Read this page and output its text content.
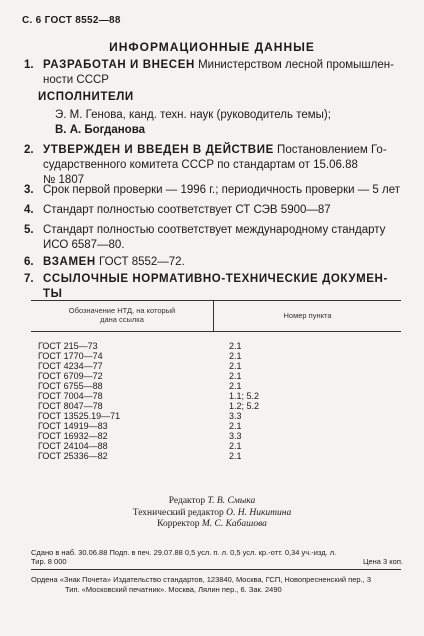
С. 6 ГОСТ 8552—88
ИНФОРМАЦИОННЫЕ ДАННЫЕ
1. РАЗРАБОТАН И ВНЕСЕН Министерством лесной промышлен-
ности СССР
ИСПОЛНИТЕЛИ
Э. М. Генова, канд. техн. наук (руководитель темы);
В. А. Богданова
2. УТВЕРЖДЕН И ВВЕДЕН В ДЕЙСТВИЕ Постановлением Го-
сударственного комитета СССР по стандартам от 15.06.88
№ 1807
3. Срок первой проверки — 1996 г.; периодичность проверки — 5 лет
4. Стандарт полностью соответствует СТ СЭВ 5900—87
5. Стандарт полностью соответствует международному стандарту
ИСО 6587—80.
6. ВЗАМЕН ГОСТ 8552—72.
7. ССЫЛОЧНЫЕ НОРМАТИВНО-ТЕХНИЧЕСКИЕ ДОКУМЕН-
ТЫ
Обозначение НТД, на который
дана ссылка	Номер пункта
ГОСТ 215—73	2.1
ГОСТ 1770—74	2.1
ГОСТ 4234—77	2.1
ГОСТ 6709—72	2.1
ГОСТ 6755—88	2.1
ГОСТ 7004—78	1.1; 5.2
ГОСТ 8047—78	1.2; 5.2
ГОСТ 13525.19—71	3.3
ГОСТ 14919—83	2.1
ГОСТ 16932—82	3.3
ГОСТ 24104—88	2.1
ГОСТ 25336—82	2.1
Редактор Т. В. Смыка
Технический редактор О. Н. Никитина
Корректор М. С. Кабашова
Сдано в наб. 30.06.88 Подп. в печ. 29.07.88 0,5 усл. п. л. 0,5 усл. кр.-отт. 0,34 уч.-изд. л.
Тир. 8 000	Цена 3 коп.
Ордена «Знак Почета» Издательство стандартов, 123840, Москва, ГСП, Новопресненский пер., 3
Тип. «Московский печатник». Москва, Лялин пер., 6. Зак. 2490
